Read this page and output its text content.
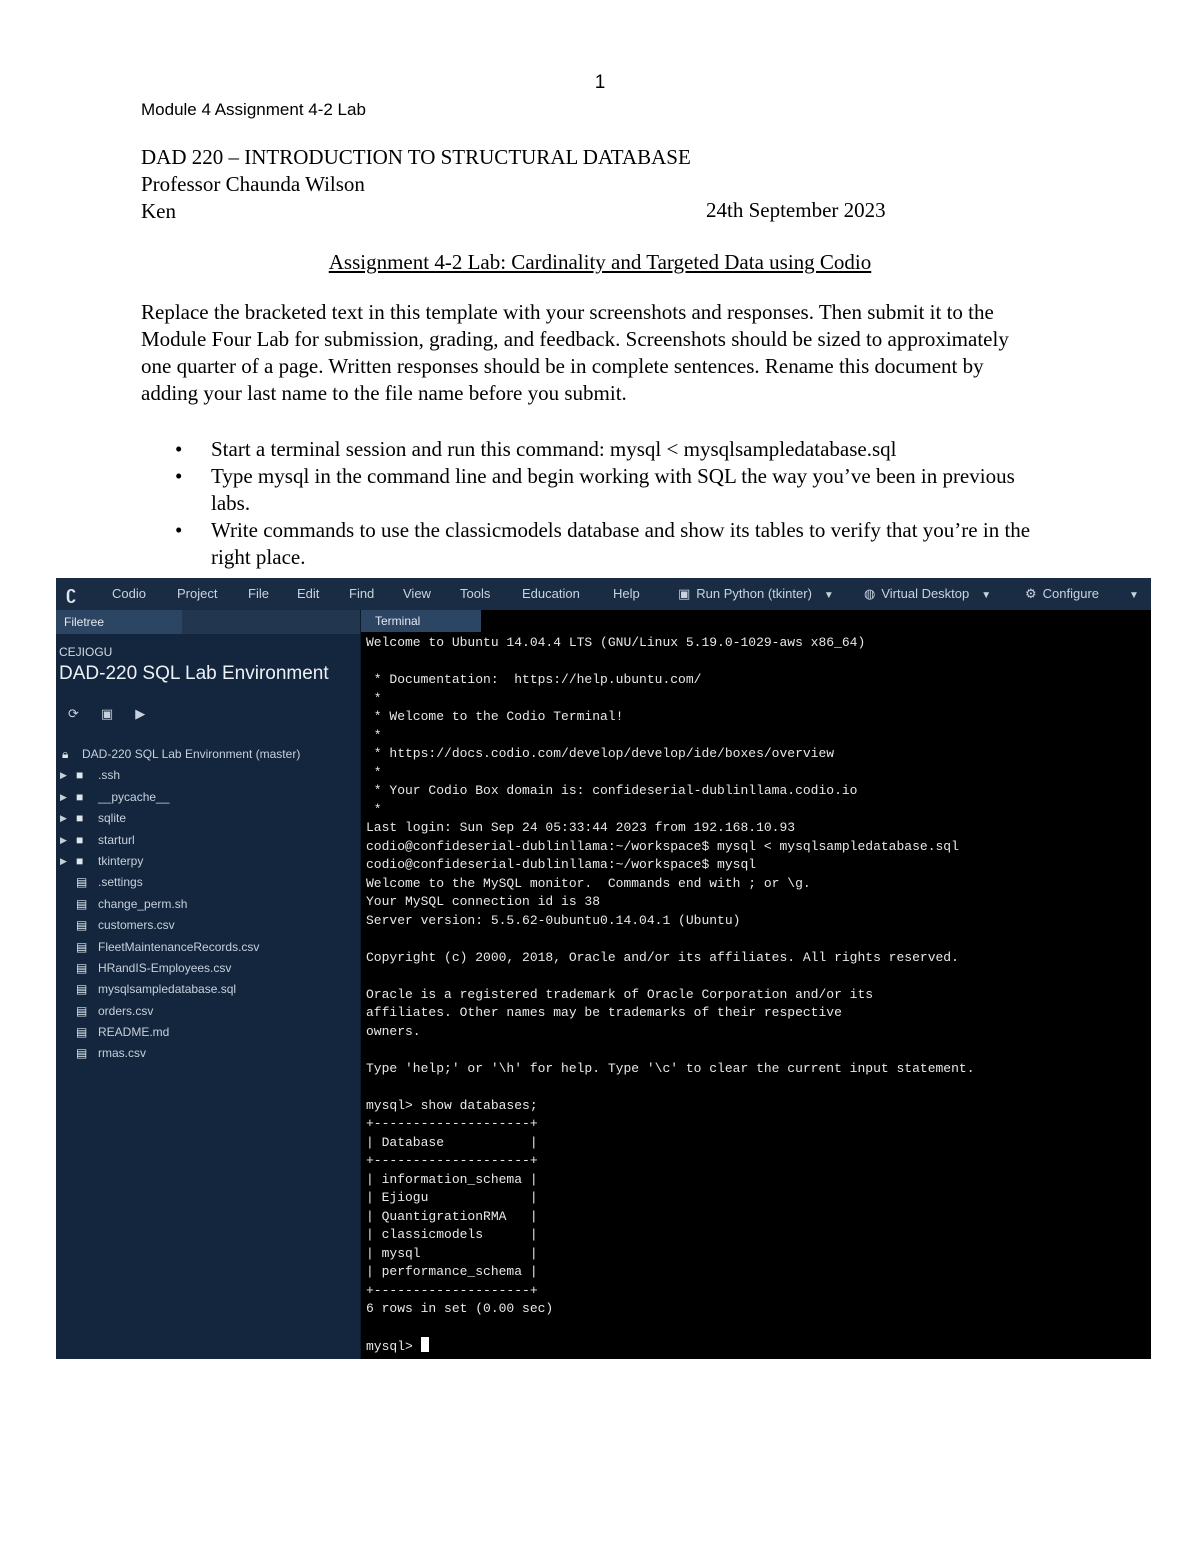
1
Module 4 Assignment 4-2 Lab
DAD 220 – INTRODUCTION TO STRUCTURAL DATABASE
Professor Chaunda Wilson
Ken	24th September 2023
Assignment 4-2 Lab: Cardinality and Targeted Data using Codio

Replace the bracketed text in this template with your screenshots and responses. Then submit it to the Module Four Lab for submission, grading, and feedback. Screenshots should be sized to approximately one quarter of a page. Written responses should be in complete sentences. Rename this document by adding your last name to the file name before you submit.

• Start a terminal session and run this command: mysql < mysqlsampledatabase.sql
• Type mysql in the command line and begin working with SQL the way you’ve been in previous labs.
• Write commands to use the classicmodels database and show its tables to verify that you’re in the right place.
ʗ	Codio Project File Edit Find View Tools Education	Help	▣ Run Python (tkinter) ▼ ◍ Virtual Desktop ▼	⚙ Configure	▼
Filetree
CEJIOGU
DAD-220 SQL Lab Environment
⟳ ▣ ▶
🔒︎ DAD-220 SQL Lab Environment (master)
▶ ■ .ssh
▶ ■ __pycache__
▶ ■ sqlite
▶ ■ starturl
▶ ■ tkinterpy
▤ .settings
▤ change_perm.sh
▤ customers.csv
▤ FleetMaintenanceRecords.csv
▤ HRandIS-Employees.csv
▤ mysqlsampledatabase.sql
▤ orders.csv
▤ README.md
▤ rmas.csv
Terminal
Welcome to Ubuntu 14.04.4 LTS (GNU/Linux 5.19.0-1029-aws x86_64)

* Documentation:  https://help.ubuntu.com/
*
* Welcome to the Codio Terminal!
*
* https://docs.codio.com/develop/develop/ide/boxes/overview
*
* Your Codio Box domain is: confideserial-dublinllama.codio.io
*
Last login: Sun Sep 24 05:33:44 2023 from 192.168.10.93
codio@confideserial-dublinllama:~/workspace$ mysql < mysqlsampledatabase.sql
codio@confideserial-dublinllama:~/workspace$ mysql
Welcome to the MySQL monitor.  Commands end with ; or \g.
Your MySQL connection id is 38
Server version: 5.5.62-0ubuntu0.14.04.1 (Ubuntu)

Copyright (c) 2000, 2018, Oracle and/or its affiliates. All rights reserved.

Oracle is a registered trademark of Oracle Corporation and/or its
affiliates. Other names may be trademarks of their respective
owners.

Type 'help;' or '\h' for help. Type '\c' to clear the current input statement.

mysql> show databases;
+--------------------+
| Database           |
+--------------------+
| information_schema |
| Ejiogu             |
| QuantigrationRMA   |
| classicmodels      |
| mysql              |
| performance_schema |
+--------------------+
6 rows in set (0.00 sec)

mysql>
